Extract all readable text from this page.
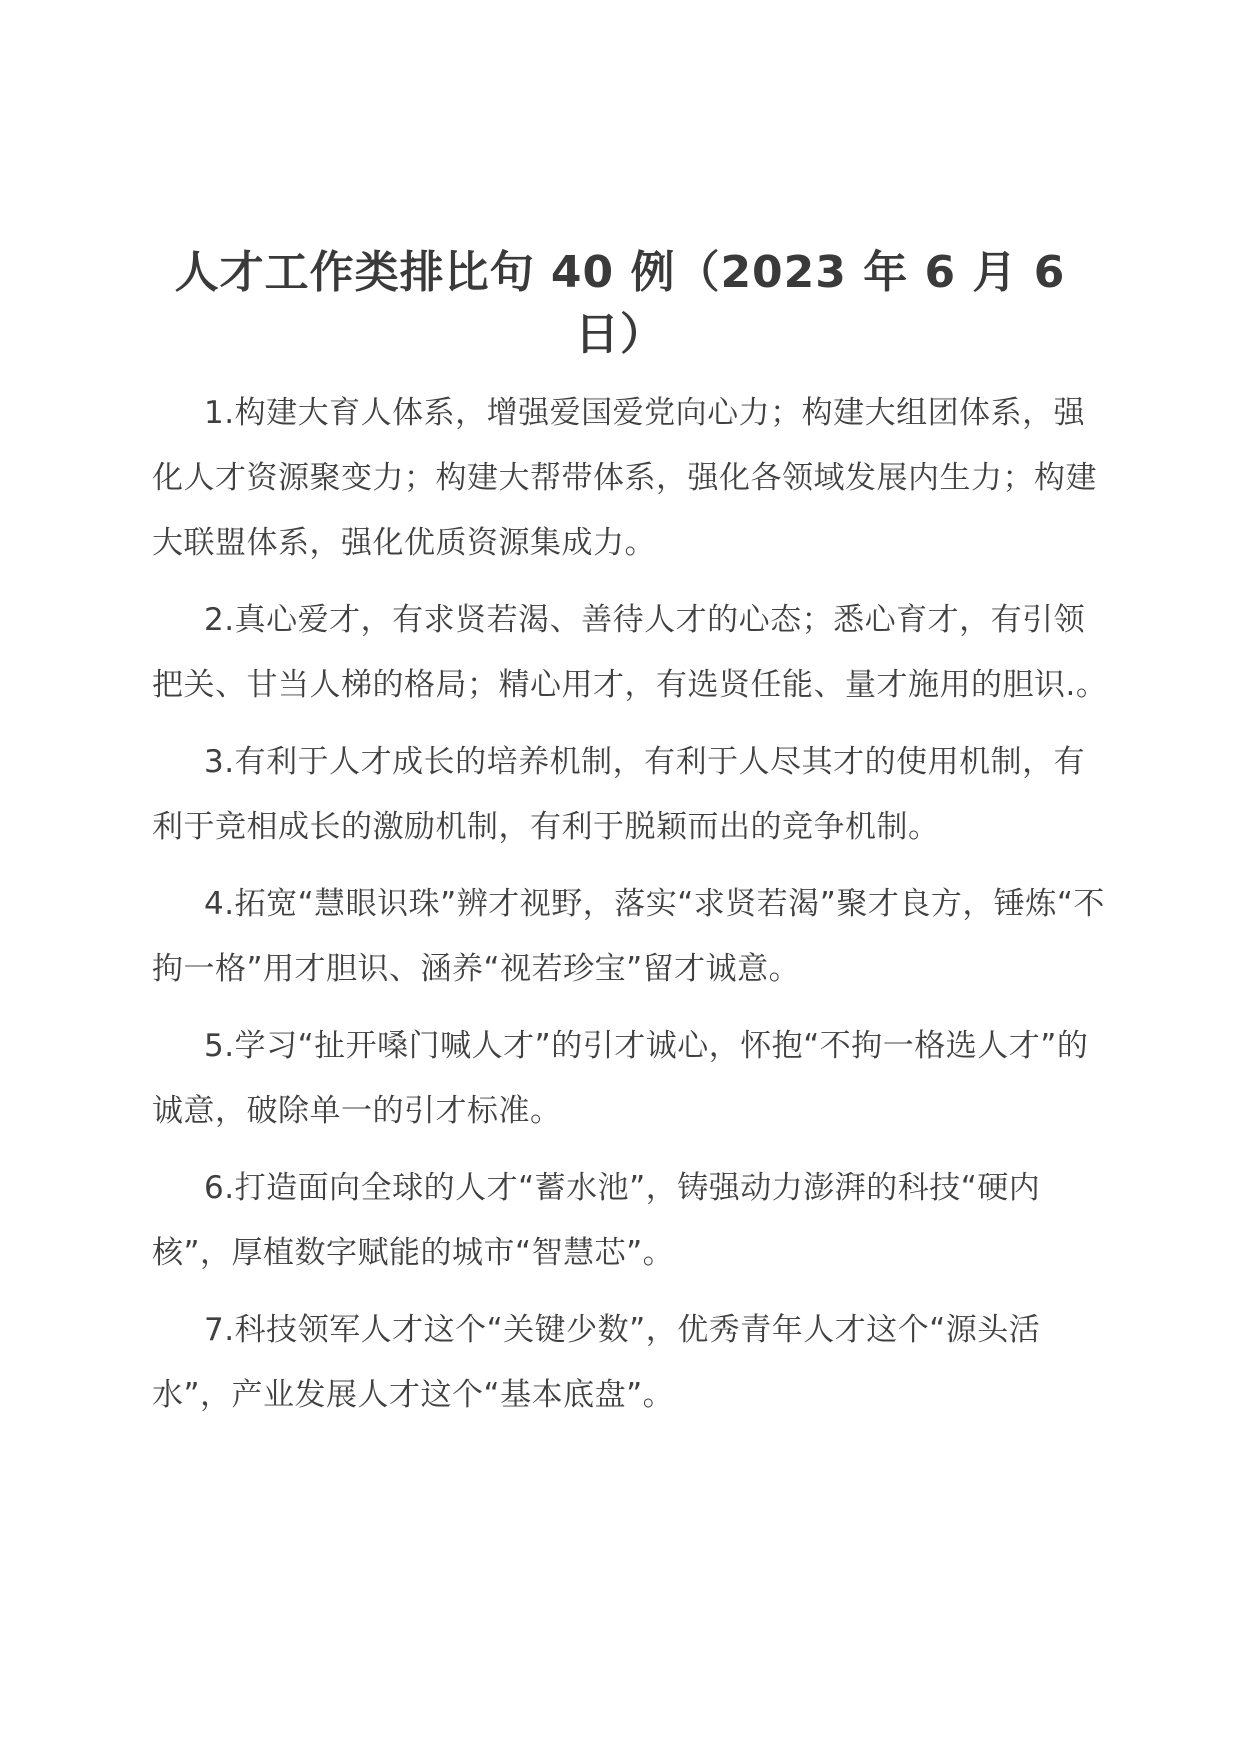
人才工作类排比句 40 例（2023 年 6 月 6 日）

1.构建大育人体系，增强爱国爱党向心力；构建大组团体系，强化人才资源聚变力；构建大帮带体系，强化各领域发展内生力；构建大联盟体系，强化优质资源集成力。

2.真心爱才，有求贤若渴、善待人才的心态；悉心育才，有引领把关、甘当人梯的格局；精心用才，有选贤任能、量才施用的胆识.。

3.有利于人才成长的培养机制，有利于人尽其才的使用机制，有利于竞相成长的激励机制，有利于脱颖而出的竞争机制。

4.拓宽“慧眼识珠”辨才视野，落实“求贤若渴”聚才良方，锤炼“不拘一格”用才胆识、涵养“视若珍宝”留才诚意。

5.学习“扯开嗓门喊人才”的引才诚心，怀抱“不拘一格选人才”的诚意，破除单一的引才标准。

6.打造面向全球的人才“蓄水池”，铸强动力澎湃的科技“硬内核”，厚植数字赋能的城市“智慧芯”。

7.科技领军人才这个“关键少数”，优秀青年人才这个“源头活水”，产业发展人才这个“基本底盘”。
